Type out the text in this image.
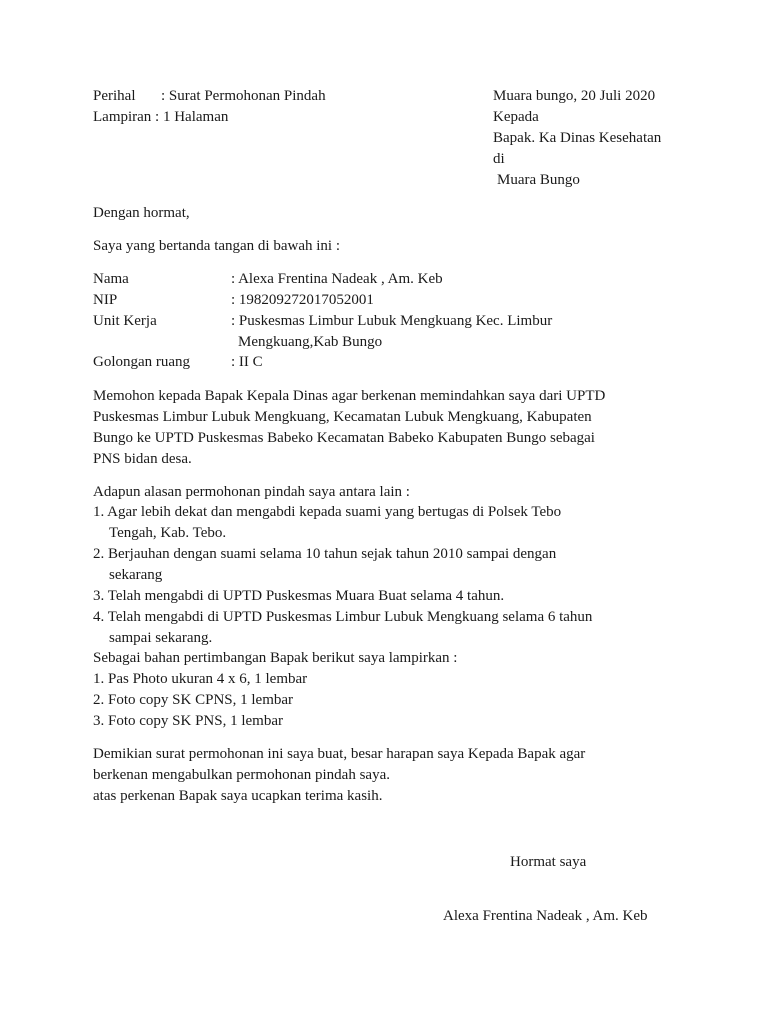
Perihal : Surat Permohonan Pindah
Lampiran : 1 Halaman
Muara bungo, 20 Juli 2020
Kepada
Bapak. Ka Dinas Kesehatan
di
Muara Bungo
Dengan hormat,
Saya yang bertanda tangan di bawah ini :
Nama	: Alexa Frentina Nadeak , Am. Keb
NIP	: 198209272017052001
Unit Kerja	: Puskesmas Limbur Lubuk Mengkuang Kec. Limbur
Mengkuang,Kab Bungo
Golongan ruang	: II C
Memohon kepada Bapak Kepala Dinas agar berkenan memindahkan saya dari UPTD
Puskesmas Limbur Lubuk Mengkuang, Kecamatan Lubuk Mengkuang, Kabupaten
Bungo ke UPTD Puskesmas Babeko Kecamatan Babeko Kabupaten Bungo sebagai
PNS bidan desa.
Adapun alasan permohonan pindah saya antara lain :
1. Agar lebih dekat dan mengabdi kepada suami yang bertugas di Polsek Tebo
Tengah, Kab. Tebo.
2. Berjauhan dengan suami selama 10 tahun sejak tahun 2010 sampai dengan
sekarang
3. Telah mengabdi di UPTD Puskesmas Muara Buat selama 4 tahun.
4. Telah mengabdi di UPTD Puskesmas Limbur Lubuk Mengkuang selama 6 tahun
sampai sekarang.
Sebagai bahan pertimbangan Bapak berikut saya lampirkan :
1. Pas Photo ukuran 4 x 6, 1 lembar
2. Foto copy SK CPNS, 1 lembar
3. Foto copy SK PNS, 1 lembar
Demikian surat permohonan ini saya buat, besar harapan saya Kepada Bapak agar
berkenan mengabulkan permohonan pindah saya.
atas perkenan Bapak saya ucapkan terima kasih.
Hormat saya
Alexa Frentina Nadeak , Am. Keb
